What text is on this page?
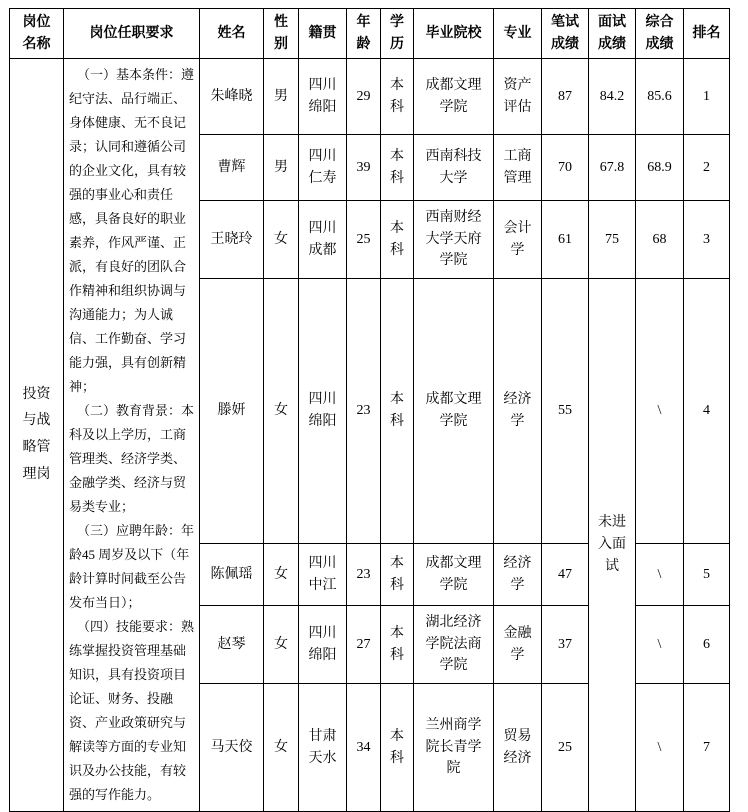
岗位名称	岗位任职要求	姓名	性别	籍贯	年龄	学历	毕业院校	专业	笔试成绩	面试成绩	综合成绩	排名
投资与战略管理岗	（一）基本条件：遵纪守法、品行端正、身体健康、无不良记录；认同和遵循公司的企业文化，具有较强的事业心和责任感，具备良好的职业素养，作风严谨、正派，有良好的团队合作精神和组织协调与沟通能力；为人诚信、工作勤奋、学习能力强，具有创新精神；

（二）教育背景：本科及以上学历，工商管理类、经济学类、金融学类、经济与贸易类专业；

（三）应聘年龄：年龄45 周岁及以下（年龄计算时间截至公告发布当日）；

（四）技能要求：熟练掌握投资管理基础知识，具有投资项目论证、财务、投融资、产业政策研究与解读等方面的专业知识及办公技能，有较强的写作能力。	朱峰晓	男	四川绵阳	29	本科	成都文理学院	资产评估	87	84.2	85.6	1
		曹辉	男	四川仁寿	39	本科	西南科技大学	工商管理	70	67.8	68.9	2
		王晓玲	女	四川成都	25	本科	西南财经大学天府学院	会计学	61	75	68	3
		滕妍	女	四川绵阳	23	本科	成都文理学院	经济学	55	未进入面试	\	4
		陈佩瑶	女	四川中江	23	本科	成都文理学院	经济学	47		\	5
		赵琴	女	四川绵阳	27	本科	湖北经济学院法商学院	金融学	37		\	6
		马天佼	女	甘肃天水	34	本科	兰州商学院长青学院	贸易经济	25		\	7
